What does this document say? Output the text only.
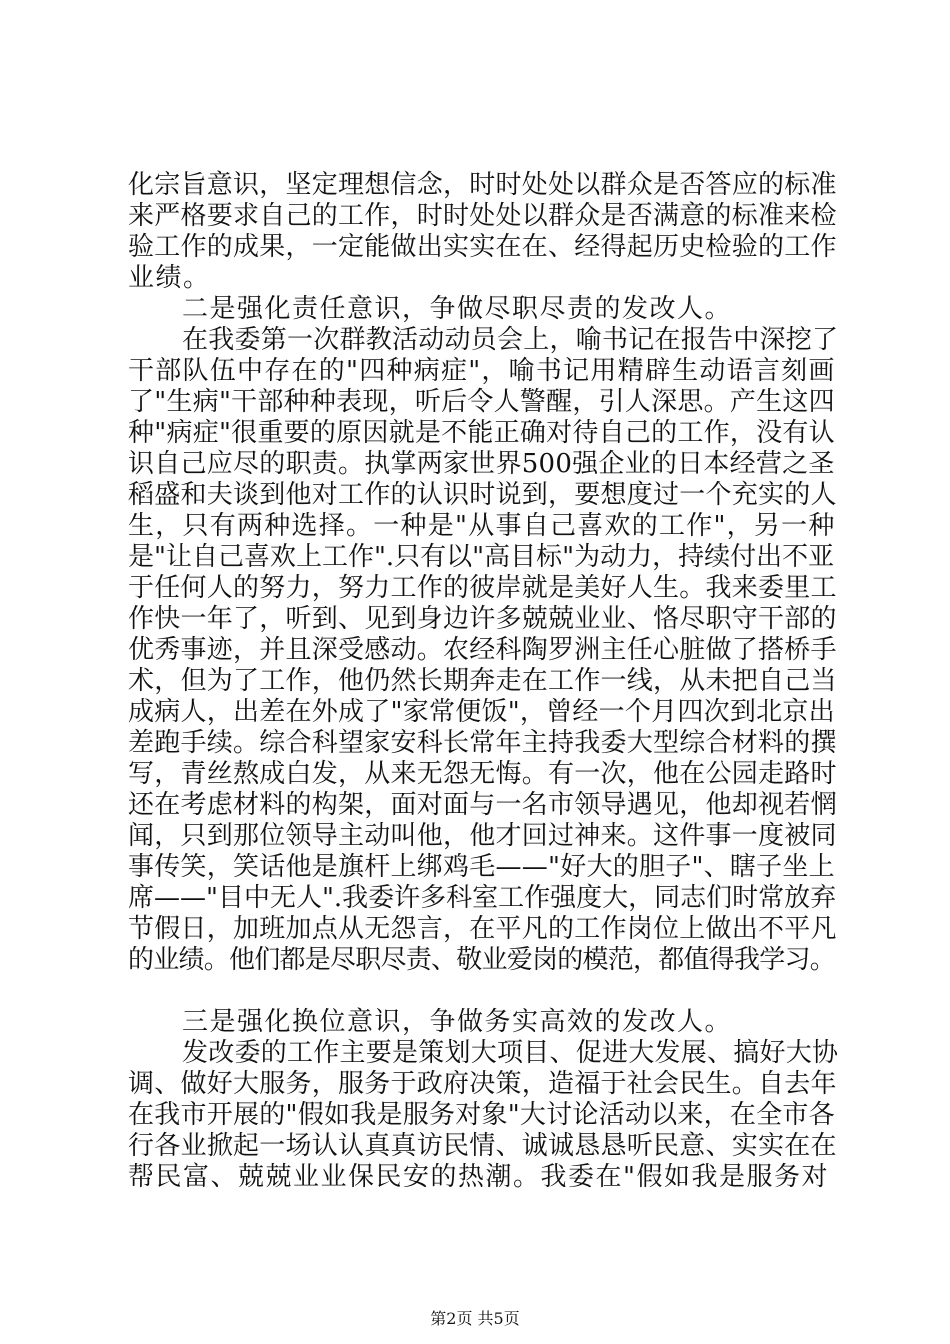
化宗旨意识，坚定理想信念，时时处处以群众是否答应的标准
来严格要求自己的工作，时时处处以群众是否满意的标准来检
验工作的成果，一定能做出实实在在、经得起历史检验的工作
业绩。
二是强化责任意识，争做尽职尽责的发改人。
在我委第一次群教活动动员会上，喻书记在报告中深挖了
干部队伍中存在的"四种病症"，喻书记用精辟生动语言刻画
了"生病"干部种种表现，听后令人警醒，引人深思。产生这四
种"病症"很重要的原因就是不能正确对待自己的工作，没有认
识自己应尽的职责。执掌两家世界500强企业的日本经营之圣
稻盛和夫谈到他对工作的认识时说到，要想度过一个充实的人
生，只有两种选择。一种是"从事自己喜欢的工作"，另一种
是"让自己喜欢上工作".只有以"高目标"为动力，持续付出不亚
于任何人的努力，努力工作的彼岸就是美好人生。我来委里工
作快一年了，听到、见到身边许多兢兢业业、恪尽职守干部的
优秀事迹，并且深受感动。农经科陶罗洲主任心脏做了搭桥手
术，但为了工作，他仍然长期奔走在工作一线，从未把自己当
成病人，出差在外成了"家常便饭"，曾经一个月四次到北京出
差跑手续。综合科望家安科长常年主持我委大型综合材料的撰
写，青丝熬成白发，从来无怨无悔。有一次，他在公园走路时
还在考虑材料的构架，面对面与一名市领导遇见，他却视若惘
闻，只到那位领导主动叫他，他才回过神来。这件事一度被同
事传笑，笑话他是旗杆上绑鸡毛——"好大的胆子"、瞎子坐上
席——"目中无人".我委许多科室工作强度大，同志们时常放弃
节假日，加班加点从无怨言，在平凡的工作岗位上做出不平凡
的业绩。他们都是尽职尽责、敬业爱岗的模范，都值得我学习。
三是强化换位意识，争做务实高效的发改人。
发改委的工作主要是策划大项目、促进大发展、搞好大协
调、做好大服务，服务于政府决策，造福于社会民生。自去年
在我市开展的"假如我是服务对象"大讨论活动以来，在全市各
行各业掀起一场认认真真访民情、诚诚恳恳听民意、实实在在
帮民富、兢兢业业保民安的热潮。我委在"假如我是服务对
第2页 共5页
